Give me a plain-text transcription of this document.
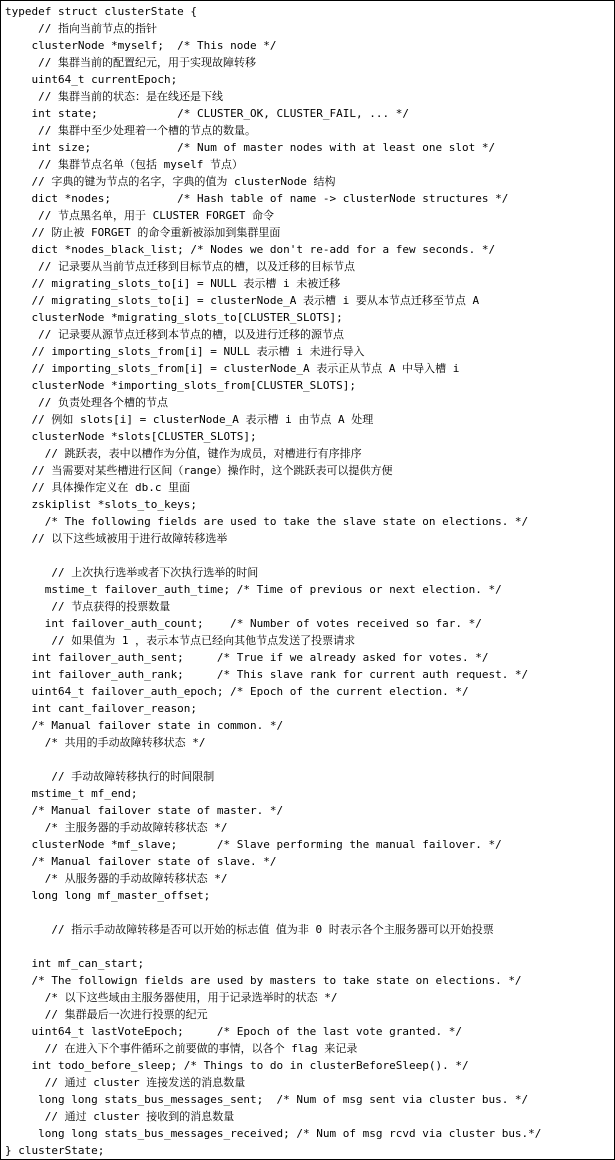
typedef struct clusterState {
// 指向当前节点的指针
clusterNode *myself;  /* This node */
// 集群当前的配置纪元，用于实现故障转移
uint64_t currentEpoch;
// 集群当前的状态：是在线还是下线
int state;            /* CLUSTER_OK, CLUSTER_FAIL, ... */
// 集群中至少处理着一个槽的节点的数量。
int size;             /* Num of master nodes with at least one slot */
// 集群节点名单（包括 myself 节点）
// 字典的键为节点的名字，字典的值为 clusterNode 结构
dict *nodes;          /* Hash table of name -> clusterNode structures */
// 节点黑名单，用于 CLUSTER FORGET 命令
// 防止被 FORGET 的命令重新被添加到集群里面
dict *nodes_black_list; /* Nodes we don't re-add for a few seconds. */
// 记录要从当前节点迁移到目标节点的槽，以及迁移的目标节点
// migrating_slots_to[i] = NULL 表示槽 i 未被迁移
// migrating_slots_to[i] = clusterNode_A 表示槽 i 要从本节点迁移至节点 A
clusterNode *migrating_slots_to[CLUSTER_SLOTS];
// 记录要从源节点迁移到本节点的槽，以及进行迁移的源节点
// importing_slots_from[i] = NULL 表示槽 i 未进行导入
// importing_slots_from[i] = clusterNode_A 表示正从节点 A 中导入槽 i
clusterNode *importing_slots_from[CLUSTER_SLOTS];
// 负责处理各个槽的节点
// 例如 slots[i] = clusterNode_A 表示槽 i 由节点 A 处理
clusterNode *slots[CLUSTER_SLOTS];
// 跳跃表，表中以槽作为分值，键作为成员，对槽进行有序排序
// 当需要对某些槽进行区间（range）操作时，这个跳跃表可以提供方便
// 具体操作定义在 db.c 里面
zskiplist *slots_to_keys;
/* The following fields are used to take the slave state on elections. */
// 以下这些域被用于进行故障转移选举
// 上次执行选举或者下次执行选举的时间
mstime_t failover_auth_time; /* Time of previous or next election. */
// 节点获得的投票数量
int failover_auth_count;    /* Number of votes received so far. */
// 如果值为 1 ，表示本节点已经向其他节点发送了投票请求
int failover_auth_sent;     /* True if we already asked for votes. */
int failover_auth_rank;     /* This slave rank for current auth request. */
uint64_t failover_auth_epoch; /* Epoch of the current election. */
int cant_failover_reason;
/* Manual failover state in common. */
/* 共用的手动故障转移状态 */
// 手动故障转移执行的时间限制
mstime_t mf_end;
/* Manual failover state of master. */
/* 主服务器的手动故障转移状态 */
clusterNode *mf_slave;      /* Slave performing the manual failover. */
/* Manual failover state of slave. */
/* 从服务器的手动故障转移状态 */
long long mf_master_offset;
// 指示手动故障转移是否可以开始的标志值 值为非 0 时表示各个主服务器可以开始投票
int mf_can_start;
/* The followign fields are used by masters to take state on elections. */
/* 以下这些域由主服务器使用，用于记录选举时的状态 */
// 集群最后一次进行投票的纪元
uint64_t lastVoteEpoch;     /* Epoch of the last vote granted. */
// 在进入下个事件循环之前要做的事情，以各个 flag 来记录
int todo_before_sleep; /* Things to do in clusterBeforeSleep(). */
// 通过 cluster 连接发送的消息数量
long long stats_bus_messages_sent;  /* Num of msg sent via cluster bus. */
// 通过 cluster 接收到的消息数量
long long stats_bus_messages_received; /* Num of msg rcvd via cluster bus.*/
} clusterState;
